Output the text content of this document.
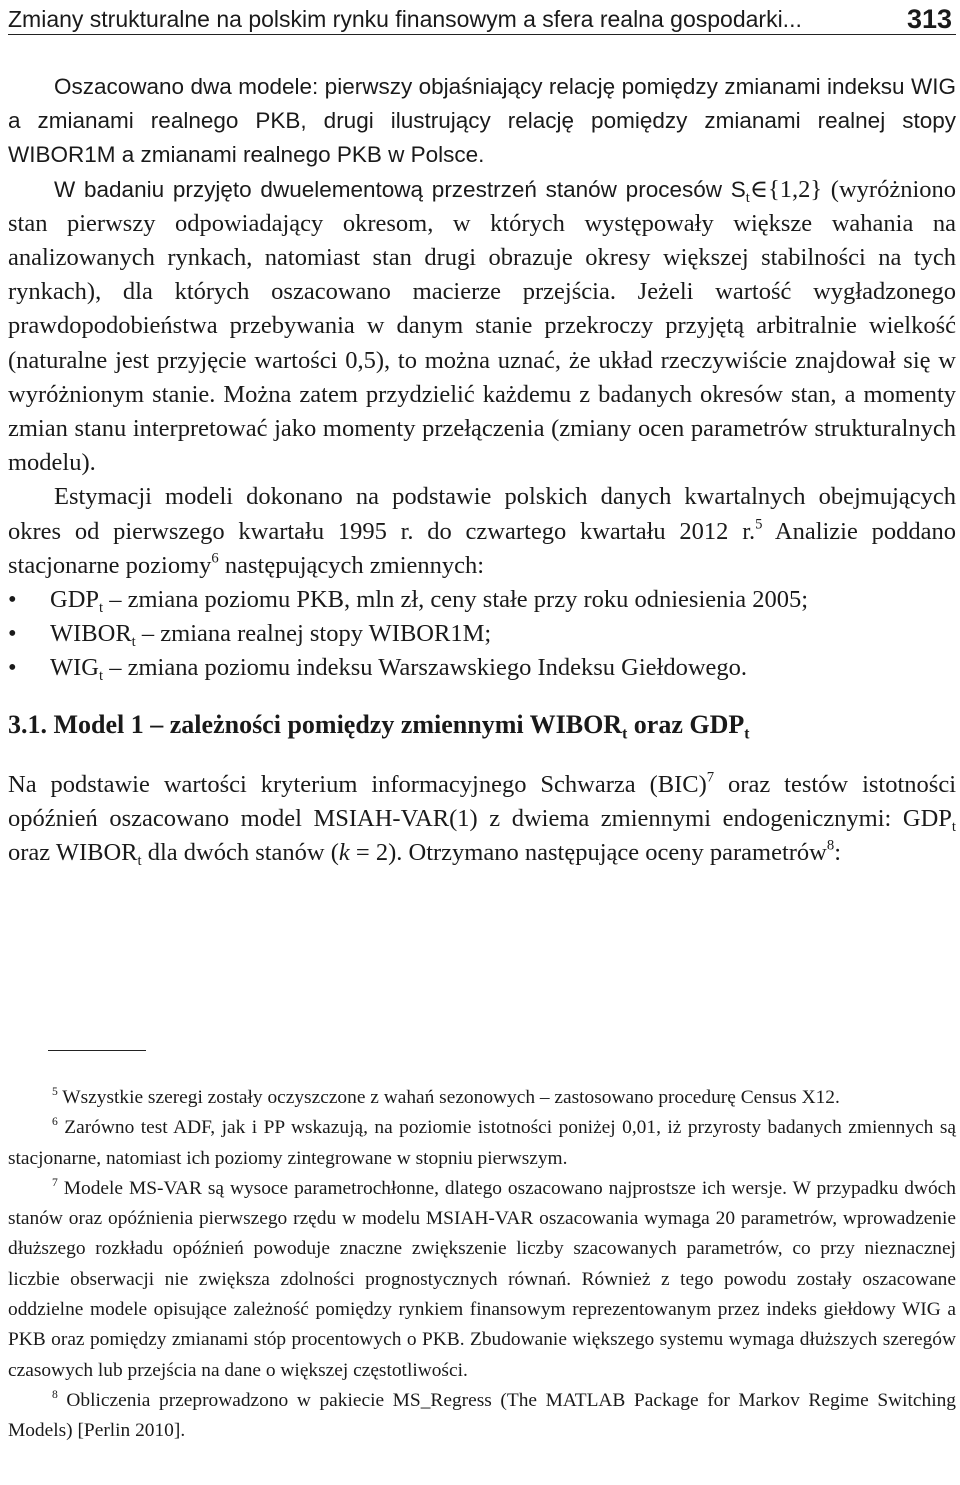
Zmiany strukturalne na polskim rynku finansowym a sfera realna gospodarki...	313

Oszacowano dwa modele: pierwszy objaśniający relację pomiędzy zmianami indeksu WIG a zmianami realnego PKB, drugi ilustrujący relację pomiędzy zmianami realnej stopy WIBOR1M a zmianami realnego PKB w Polsce.

W badaniu przyjęto dwuelementową przestrzeń stanów procesów $S_t\in\{1,2\}$ (wyróżniono stan pierwszy odpowiadający okresom, w których występowały większe wahania na analizowanych rynkach, natomiast stan drugi obrazuje okresy większej stabilności na tych rynkach), dla których oszacowano macierze przejścia. Jeżeli wartość wygładzonego prawdopodobieństwa przebywania w danym stanie przekroczy przyjętą arbitralnie wielkość (naturalne jest przyjęcie wartości 0,5), to można uznać, że układ rzeczywiście znajdował się w wyróżnionym stanie. Można zatem przydzielić każdemu z badanych okresów stan, a momenty zmian stanu interpretować jako momenty przełączenia (zmiany ocen parametrów strukturalnych modelu).

Estymacji modeli dokonano na podstawie polskich danych kwartalnych obejmujących okres od pierwszego kwartału 1995 r. do czwartego kwartału 2012 r.$^5$ Analizie poddano stacjonarne poziomy$^6$ następujących zmiennych:

• $GDP_t$ – zmiana poziomu PKB, mln zł, ceny stałe przy roku odniesienia 2005;
• $WIBOR_t$ – zmiana realnej stopy WIBOR1M;
• $WIG_t$ – zmiana poziomu indeksu Warszawskiego Indeksu Giełdowego.
3.1. Model 1 – zależności pomiędzy zmiennymi $WIBOR_t$ oraz $GDP_t$

Na podstawie wartości kryterium informacyjnego Schwarza (BIC)$^7$ oraz testów istotności opóźnień oszacowano model MSIAH-VAR(1) z dwiema zmiennymi endogenicznymi: $GDP_t$ oraz $WIBOR_t$ dla dwóch stanów (k = 2). Otrzymano następujące oceny parametrów$^8$:

$^5$ Wszystkie szeregi zostały oczyszczone z wahań sezonowych – zastosowano procedurę Census X12.

$^6$ Zarówno test ADF, jak i PP wskazują, na poziomie istotności poniżej 0,01, iż przyrosty badanych zmiennych są stacjonarne, natomiast ich poziomy zintegrowane w stopniu pierwszym.

$^7$ Modele MS-VAR są wysoce parametrochłonne, dlatego oszacowano najprostsze ich wersje. W przypadku dwóch stanów oraz opóźnienia pierwszego rzędu w modelu MSIAH-VAR oszacowania wymaga 20 parametrów, wprowadzenie dłuższego rozkładu opóźnień powoduje znaczne zwiększenie liczby szacowanych parametrów, co przy nieznacznej liczbie obserwacji nie zwiększa zdolności prognostycznych równań. Również z tego powodu zostały oszacowane oddzielne modele opisujące zależność pomiędzy rynkiem finansowym reprezentowanym przez indeks giełdowy WIG a PKB oraz pomiędzy zmianami stóp procentowych o PKB. Zbudowanie większego systemu wymaga dłuższych szeregów czasowych lub przejścia na dane o większej częstotliwości.

$^8$ Obliczenia przeprowadzono w pakiecie MS_Regress (The MATLAB Package for Markov Regime Switching Models) [Perlin 2010].
